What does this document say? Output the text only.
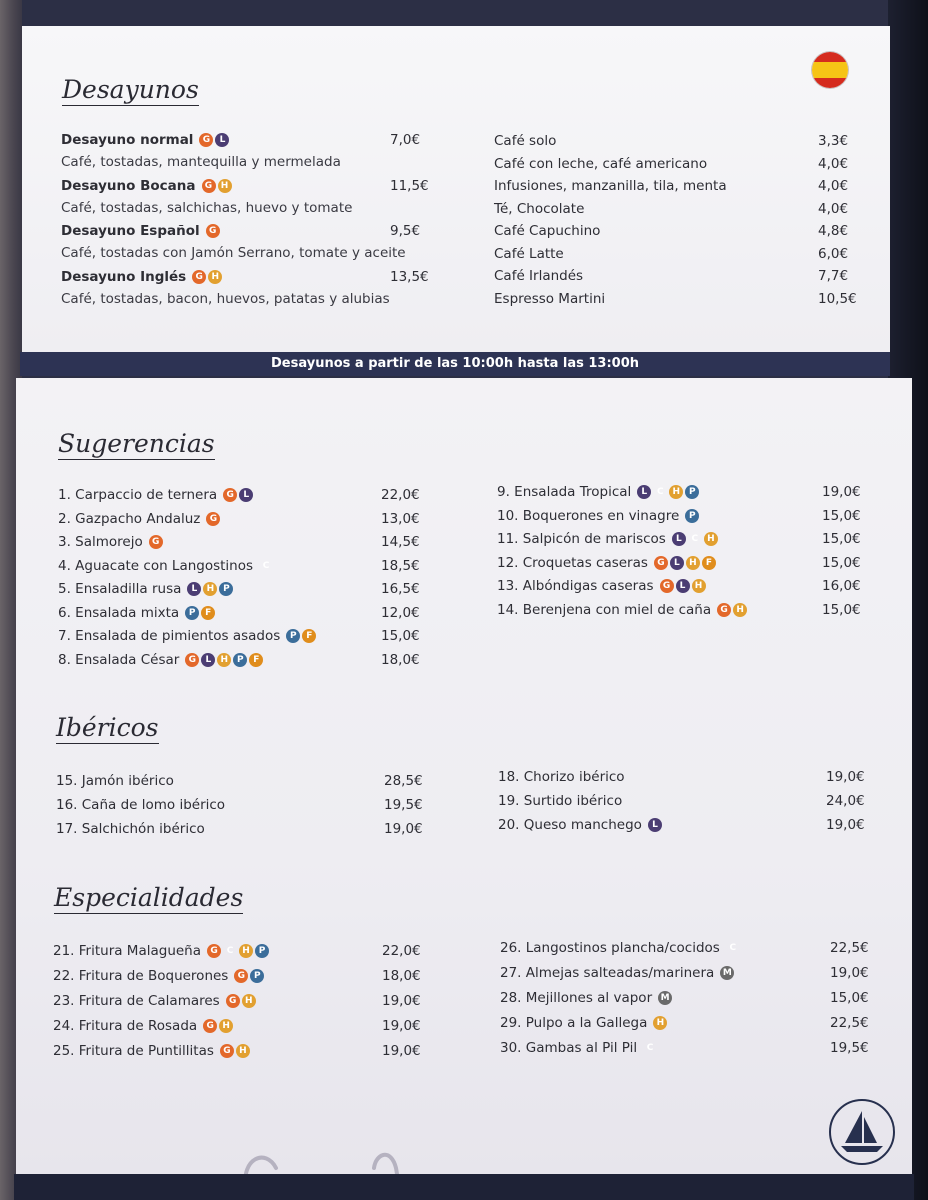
Desayunos a partir de las 10:00h hasta las 13:00h
Desayunos
Sugerencias
Ibéricos
Especialidades
Desayuno normal G L	7,0€
Café, tostadas, mantequilla y mermelada
Desayuno Bocana G H	11,5€
Café, tostadas, salchichas, huevo y tomate
Desayuno Español G	9,5€
Café, tostadas con Jamón Serrano, tomate y aceite
Desayuno Inglés G H	13,5€
Café, tostadas, bacon, huevos, patatas y alubias
Café solo	3,3€
Café con leche, café americano	4,0€
Infusiones, manzanilla, tila, menta	4,0€
Té, Chocolate	4,0€
Café Capuchino	4,8€
Café Latte	6,0€
Café Irlandés	7,7€
Espresso Martini	10,5€
1. Carpaccio de ternera G L	22,0€
2. Gazpacho Andaluz G	13,0€
3. Salmorejo G	14,5€
4. Aguacate con Langostinos C	18,5€
5. Ensaladilla rusa L H P	16,5€
6. Ensalada mixta P F	12,0€
7. Ensalada de pimientos asados P F	15,0€
8. Ensalada César G L H P F	18,0€
9. Ensalada Tropical L C H P	19,0€
10. Boquerones en vinagre P	15,0€
11. Salpicón de mariscos L C H	15,0€
12. Croquetas caseras G L H F	15,0€
13. Albóndigas caseras G L H	16,0€
14. Berenjena con miel de caña G H	15,0€
15. Jamón ibérico	28,5€
16. Caña de lomo ibérico	19,5€
17. Salchichón ibérico	19,0€
18. Chorizo ibérico	19,0€
19. Surtido ibérico	24,0€
20. Queso manchego L	19,0€
21. Fritura Malagueña G C H P	22,0€
22. Fritura de Boquerones G P	18,0€
23. Fritura de Calamares G H	19,0€
24. Fritura de Rosada G H	19,0€
25. Fritura de Puntillitas G H	19,0€
26. Langostinos plancha/cocidos C	22,5€
27. Almejas salteadas/marinera M	19,0€
28. Mejillones al vapor M	15,0€
29. Pulpo a la Gallega H	22,5€
30. Gambas al Pil Pil C	19,5€
